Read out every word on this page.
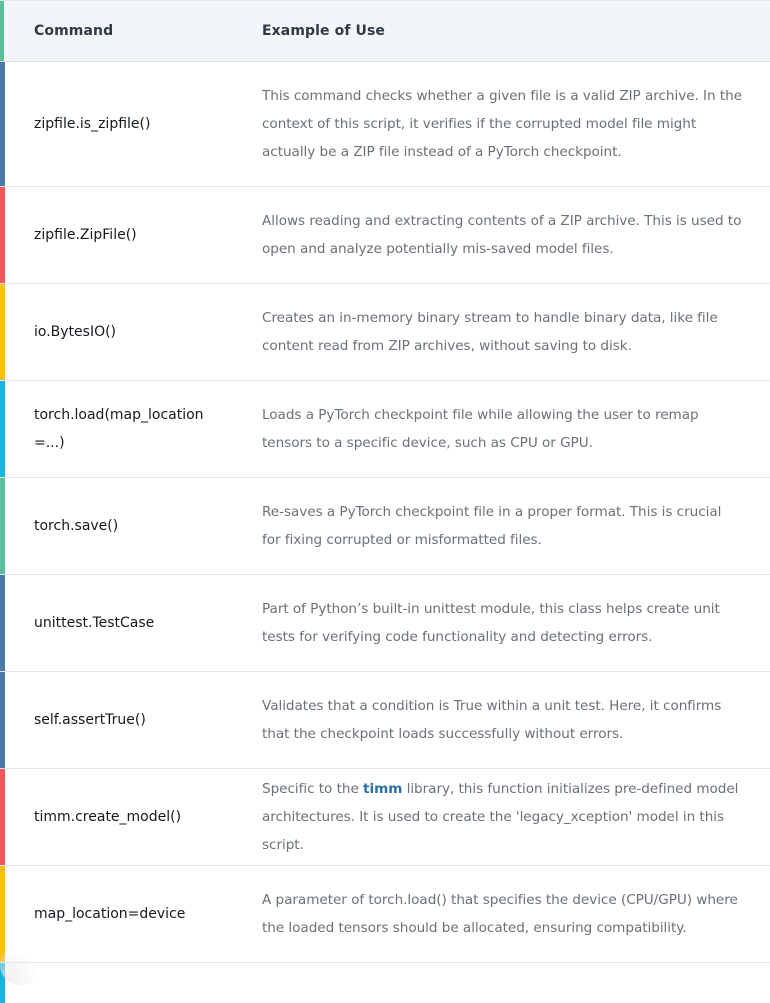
Command	Example of Use
zipfile.is_zipfile()
This command checks whether a given file is a valid ZIP archive. In the context of this script, it verifies if the corrupted model file might actually be a ZIP file instead of a PyTorch checkpoint.
zipfile.ZipFile()
Allows reading and extracting contents of a ZIP archive. This is used to open and analyze potentially mis-saved model files.
io.BytesIO()
Creates an in-memory binary stream to handle binary data, like file content read from ZIP archives, without saving to disk.
torch.load(map_location=...)
Loads a PyTorch checkpoint file while allowing the user to remap tensors to a specific device, such as CPU or GPU.
torch.save()
Re-saves a PyTorch checkpoint file in a proper format. This is crucial for fixing corrupted or misformatted files.
unittest.TestCase
Part of Python’s built-in unittest module, this class helps create unit tests for verifying code functionality and detecting errors.
self.assertTrue()
Validates that a condition is True within a unit test. Here, it confirms that the checkpoint loads successfully without errors.
timm.create_model()
Specific to the timm library, this function initializes pre-defined model architectures. It is used to create the 'legacy_xception' model in this script.
map_location=device
A parameter of torch.load() that specifies the device (CPU/GPU) where the loaded tensors should be allocated, ensuring compatibility.
